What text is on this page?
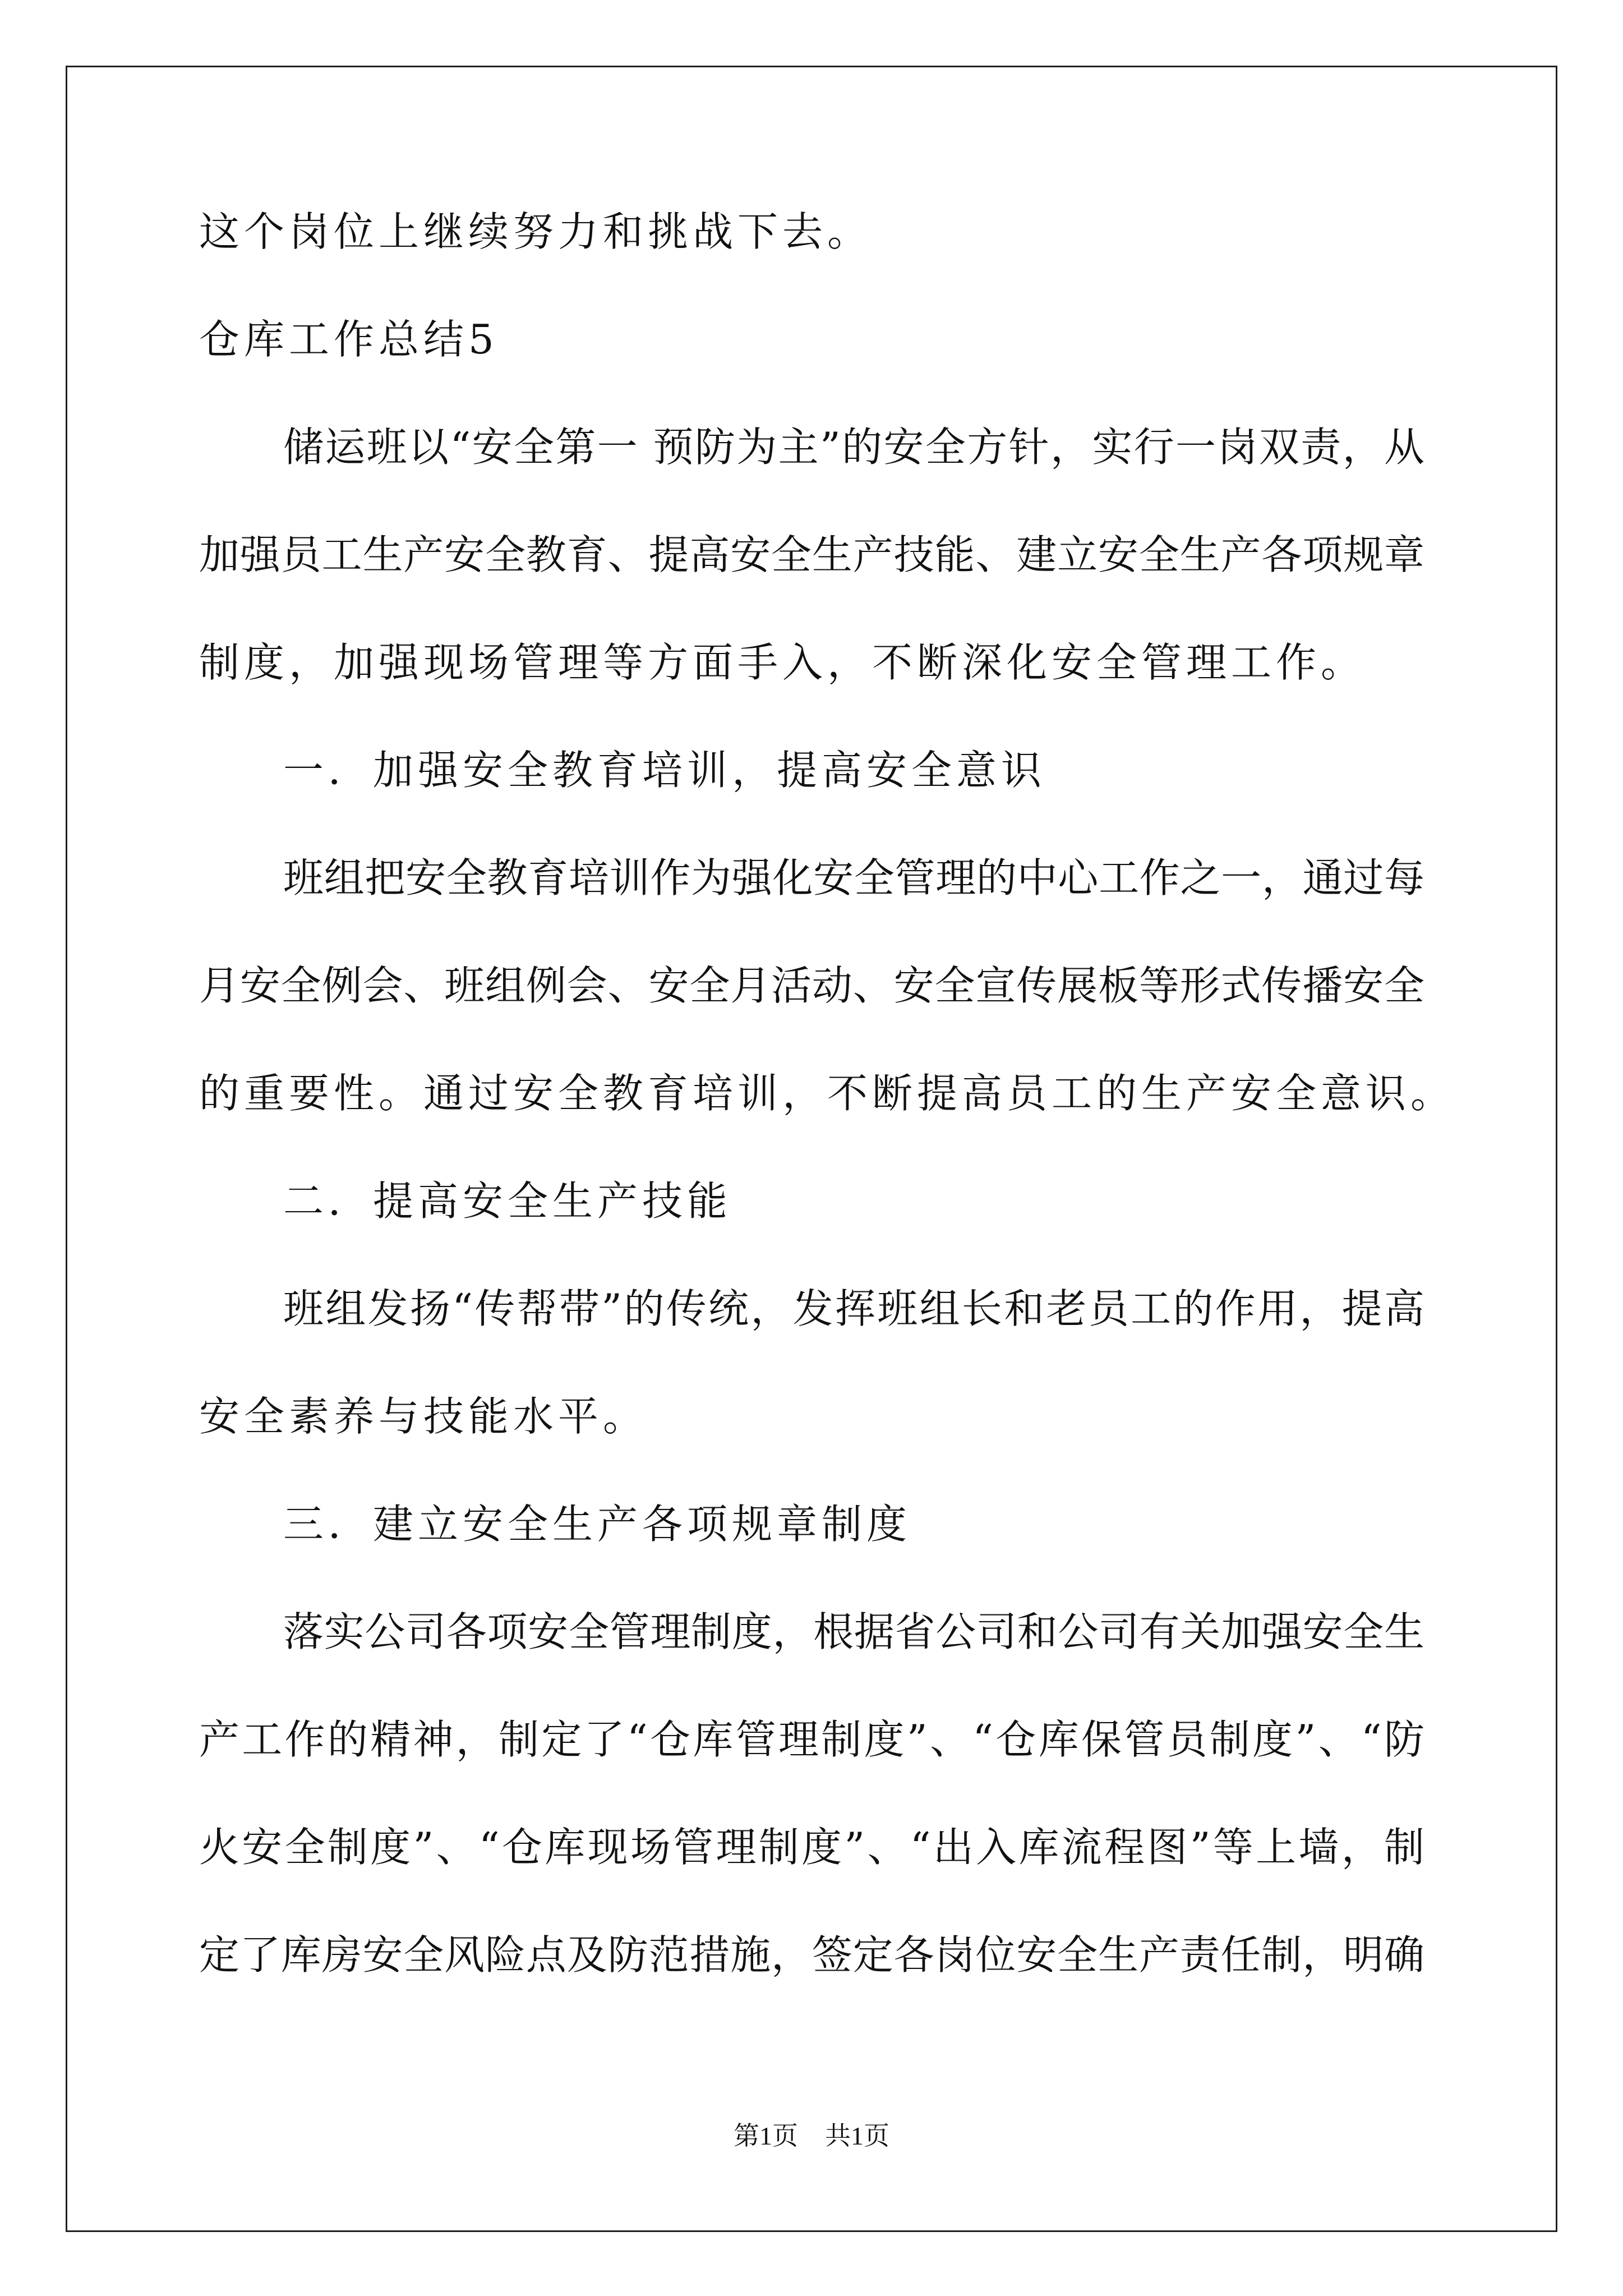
这个岗位上继续努力和挑战下去。
仓库工作总结5
储运班以“安全第一 预防为主”的安全方针，实行一岗双责，从
加强员工生产安全教育、提高安全生产技能、建立安全生产各项规章
制度，加强现场管理等方面手入，不断深化安全管理工作。
一．加强安全教育培训，提高安全意识
班组把安全教育培训作为强化安全管理的中心工作之一，通过每
月安全例会、班组例会、安全月活动、安全宣传展板等形式传播安全
的重要性。通过安全教育培训，不断提高员工的生产安全意识。
二．提高安全生产技能
班组发扬“传帮带”的传统，发挥班组长和老员工的作用，提高
安全素养与技能水平。
三．建立安全生产各项规章制度
落实公司各项安全管理制度，根据省公司和公司有关加强安全生
产工作的精神，制定了“仓库管理制度”、“仓库保管员制度”、“防
火安全制度”、“仓库现场管理制度”、“出入库流程图”等上墙，制
定了库房安全风险点及防范措施，签定各岗位安全生产责任制，明确
第1页 共1页
